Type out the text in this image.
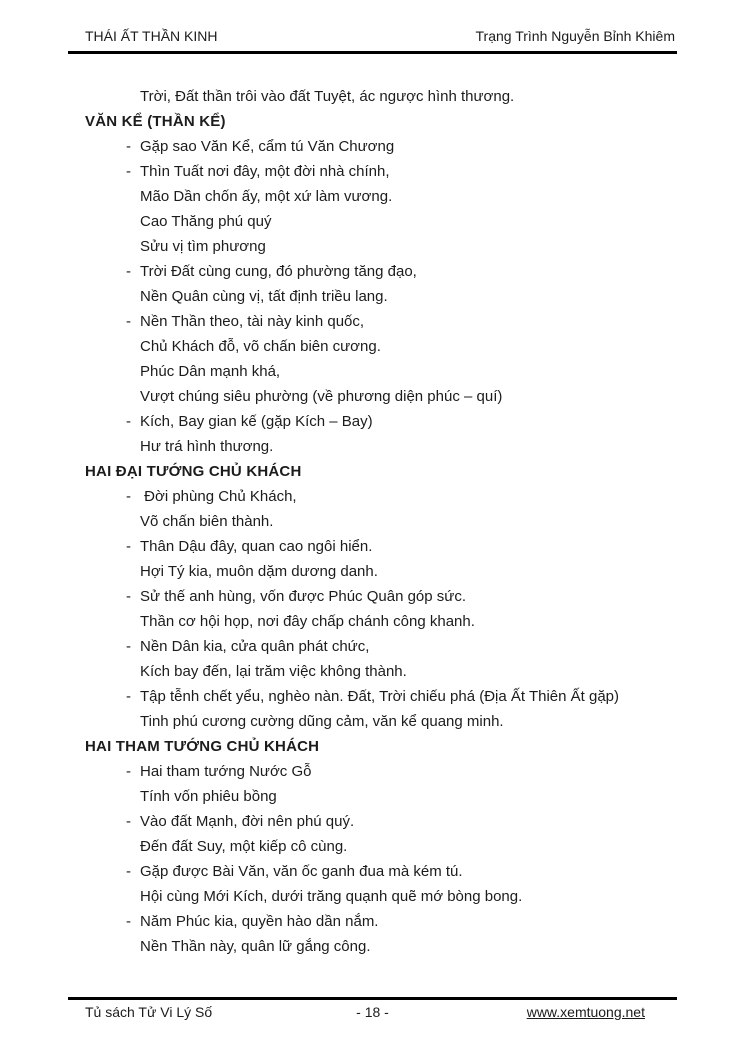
THÁI ẤT THẦN KINH	Trạng Trình Nguyễn Bỉnh Khiêm
Trời, Đất thần trôi vào đất Tuyệt, ác ngược hình thương.
VĂN KỂ (THẦN KỂ)
- Gặp sao Văn Kể, cẩm tú Văn Chương
- Thìn Tuất nơi đây, một đời nhà chính,
Mão Dần chốn ấy, một xứ làm vương.
Cao Thăng phú quý
Sửu vị tìm phương
- Trời Đất cùng cung, đó phường tăng đạo,
Nền Quân cùng vị, tất định triều lang.
- Nền Thần theo, tài này kinh quốc,
Chủ Khách đỗ, võ chấn biên cương.
Phúc Dân mạnh khá,
Vượt chúng siêu phường (về phương diện phúc – quí)
- Kích, Bay gian kế (gặp Kích – Bay)
Hư trá hình thương.
HAI ĐẠI TƯỚNG CHỦ KHÁCH
- Đời phùng Chủ Khách,
Võ chấn biên thành.
- Thân Dậu đây, quan cao ngôi hiển.
Hợi Tý kia, muôn dặm dương danh.
- Sử thế anh hùng, vốn được Phúc Quân góp sức.
Thần cơ hội họp, nơi đây chấp chánh công khanh.
- Nền Dân kia, cửa quân phát chức,
Kích bay đến, lại trăm việc không thành.
- Tập tễnh chết yểu, nghèo nàn. Đất, Trời chiếu phá (Địa Ất Thiên Ất gặp)
Tinh phú cương cường dũng cảm, văn kể quang minh.
HAI THAM TƯỚNG CHỦ KHÁCH
- Hai tham tướng Nước Gỗ
Tính vốn phiêu bồng
- Vào đất Mạnh, đời nên phú quý.
Đến đất Suy, một kiếp cô cùng.
- Gặp được Bài Văn, văn ốc ganh đua mà kém tú.
Hội cùng Mới Kích, dưới trăng quạnh quẽ mớ bòng bong.
- Năm Phúc kia, quyền hào dần nắm.
Nền Thần này, quân lữ gắng công.
Tủ sách Tử Vi Lý Số	- 18 -	www.xemtuong.net
